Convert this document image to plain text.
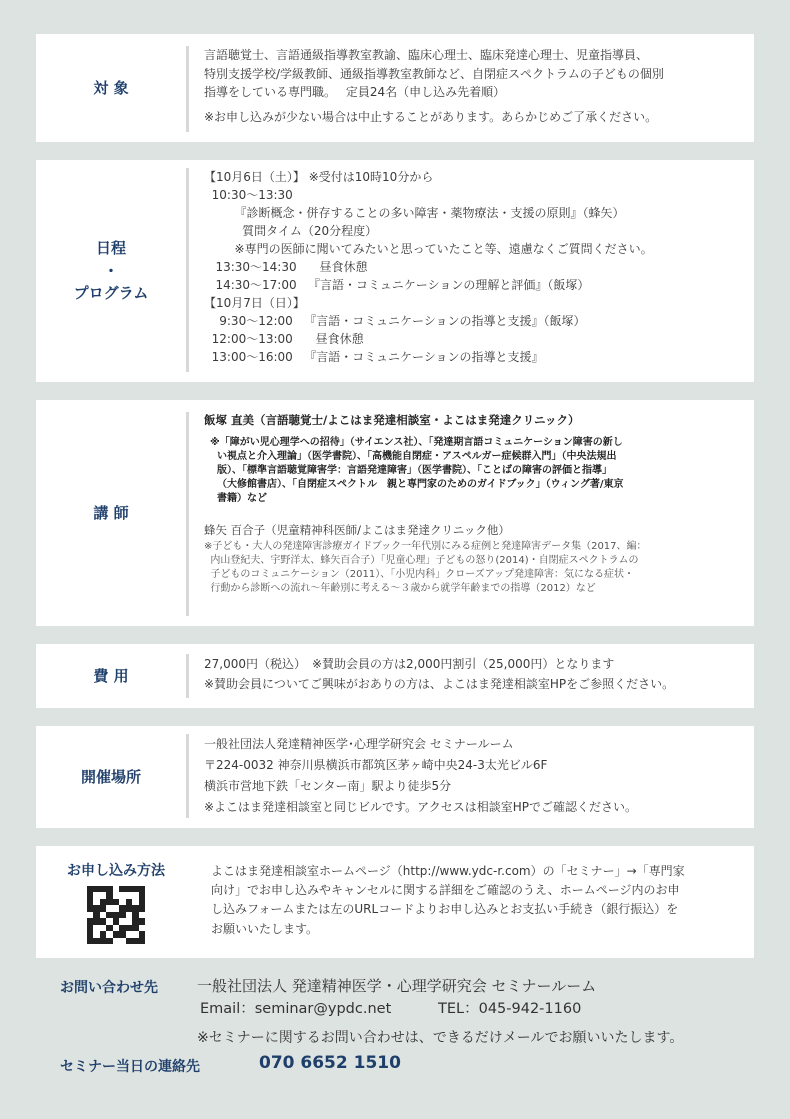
対 象
言語聴覚士、言語通級指導教室教諭、臨床心理士、臨床発達心理士、児童指導員、
特別支援学校/学級教師、通級指導教室教師など、自閉症スペクトラムの子どもの個別
指導をしている専門職。　 定員24名（申し込み先着順）
※お申し込みが少ない場合は中止することがあります。あらかじめご了承ください。
日程
・
プログラム
【10月6日（土）】 ※受付は10時10分から
10:30～13:30
『診断概念・併存することの多い障害・薬物療法・支援の原則』（蜂矢）
質問タイム（20分程度）
※専門の医師に聞いてみたいと思っていたこと等、遠慮なくご質問ください。
13:30～14:30      昼食休憩
14:30～17:00   『言語・コミュニケーションの理解と評価』（飯塚）
【10月7日（日）】
9:30～12:00   『言語・コミュニケーションの指導と支援』（飯塚）
12:00～13:00      昼食休憩
13:00～16:00   『言語・コミュニケーションの指導と支援』
講 師
飯塚 直美（言語聴覚士/よこはま発達相談室・よこはま発達クリニック）
※「障がい児心理学への招待」（サイエンス社）、「発達期言語コミュニケーション障害の新し
い視点と介入理論」（医学書院）、「高機能自閉症・アスペルガー症候群入門」（中央法規出
版）、「標準言語聴覚障害学：言語発達障害」（医学書院）、「ことばの障害の評価と指導」
（大修館書店）、「自閉症スペクトル　親と専門家のためのガイドブック」（ウィング著/東京
書籍）など
蜂矢 百合子（児童精神科医師/よこはま発達クリニック他）
※子ども・大人の発達障害診療ガイドブック一年代別にみる症例と発達障害データ集（2017、編：
内山登紀夫、宇野洋太、蜂矢百合子）「児童心理」子どもの怒り(2014)・自閉症スペクトラムの
子どものコミュニケーション（2011）、「小児内科」クローズアップ発達障害：気になる症状・
行動から診断への流れ～年齢別に考える～３歳から就学年齢までの指導（2012）など
費 用
27,000円（税込）　※賛助会員の方は2,000円割引（25,000円）となります
※賛助会員についてご興味がおありの方は、よこはま発達相談室HPをご参照ください。
開催場所
一般社団法人発達精神医学･心理学研究会 セミナールーム
〒224-0032 神奈川県横浜市都筑区茅ヶ崎中央24-3太光ビル6F
横浜市営地下鉄「センター南」駅より徒歩5分
※よこはま発達相談室と同じビルです。アクセスは相談室HPでご確認ください。
お申し込み方法	よこはま発達相談室ホームページ（http://www.ydc-r.com）の「セミナー」→「専門家
向け」でお申し込みやキャンセルに関する詳細をご確認のうえ、ホームページ内のお申
し込みフォームまたは左のURLコードよりお申し込みとお支払い手続き（銀行振込）を
お願いいたします。
お問い合わせ先	一般社団法人 発達精神医学・心理学研究会 セミナールーム
Email：seminar@ypdc.net	TEL：045-942-1160
※セミナーに関するお問い合わせは、できるだけメールでお願いいたします。
セミナー当日の連絡先	070 6652 1510
